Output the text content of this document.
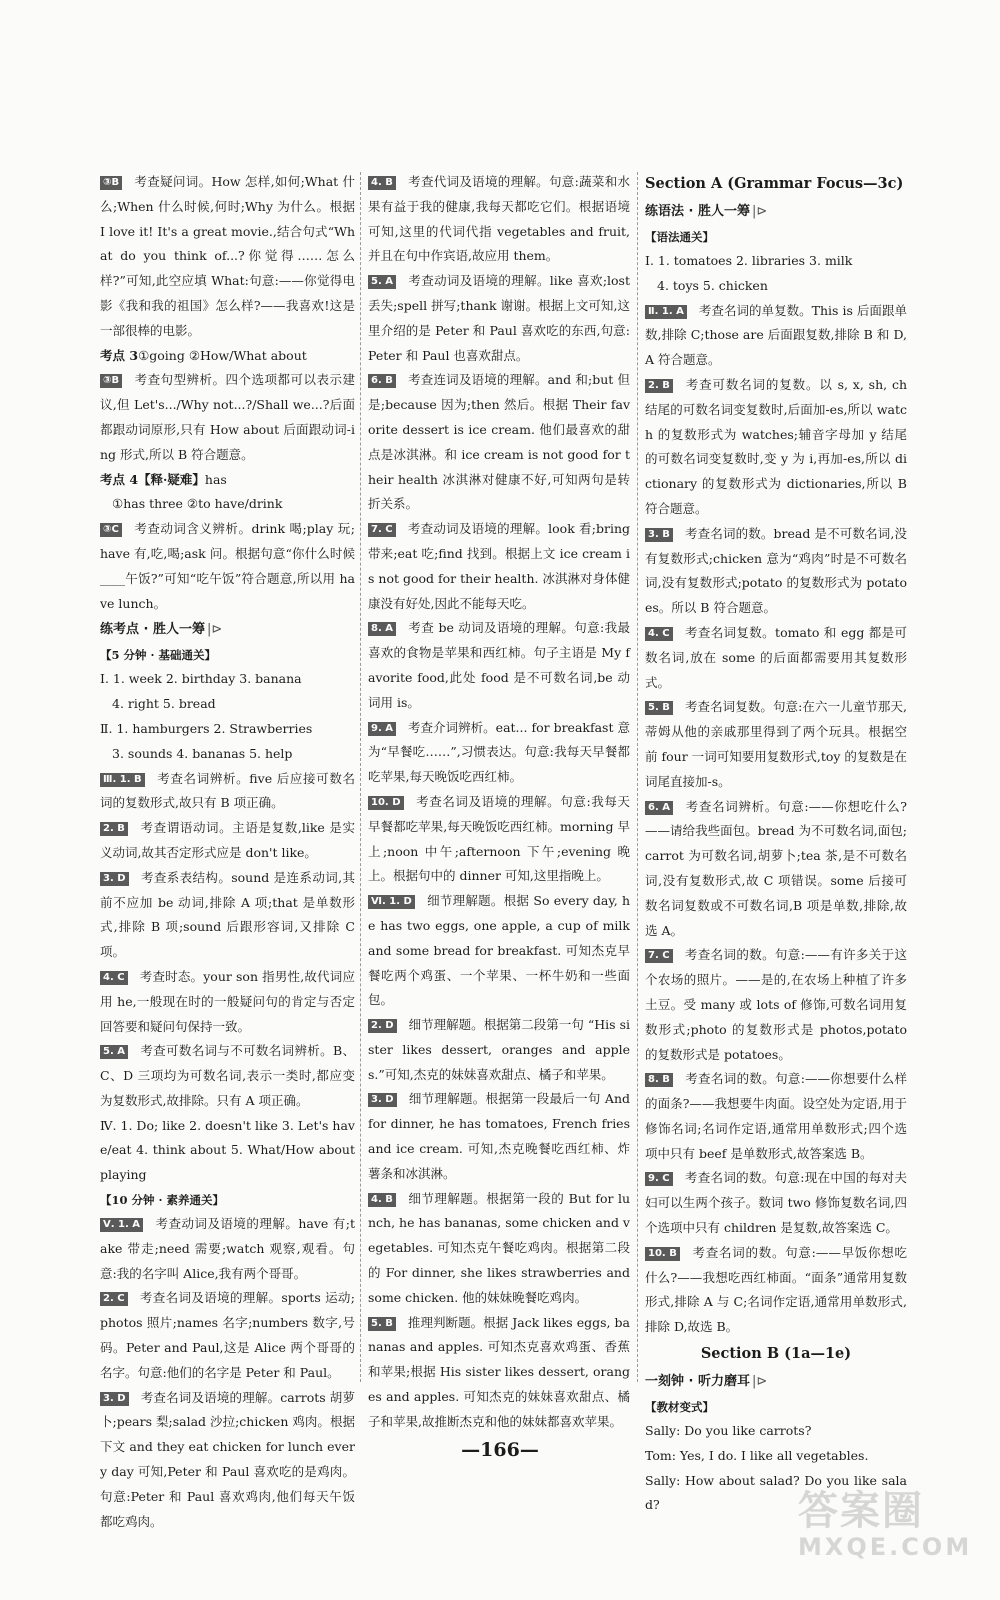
③B 考查疑问词。How 怎样,如何;What 什么;When 什么时候,何时;Why 为什么。根据 I love it! It's a great movie.,结合句式“What do you think of...?你觉得……怎么样?”可知,此空应填 What:句意:——你觉得电影《我和我的祖国》怎么样?——我喜欢!这是一部很棒的电影。

考点 3①going ②How/What about

③B 考查句型辨析。四个选项都可以表示建议,但 Let's.../Why not...?/Shall we...?后面都跟动词原形,只有 How about 后面跟动词-ing 形式,所以 B 符合题意。

考点 4【释·疑难】has

①has three ②to have/drink

③C 考查动词含义辨析。drink 喝;play 玩;have 有,吃,喝;ask 问。根据句意“你什么时候____午饭?”可知“吃午饭”符合题意,所以用 have lunch。

练考点 · 胜人一筹 |⊳
【5 分钟 · 基础通关】

Ⅰ. 1. week 2. birthday 3. banana

4. right 5. bread

Ⅱ. 1. hamburgers 2. Strawberries

3. sounds 4. bananas 5. help

Ⅲ. 1. B 考查名词辨析。five 后应接可数名词的复数形式,故只有 B 项正确。

2. B 考查谓语动词。主语是复数,like 是实义动词,故其否定形式应是 don't like。

3. D 考查系表结构。sound 是连系动词,其前不应加 be 动词,排除 A 项;that 是单数形式,排除 B 项;sound 后跟形容词,又排除 C 项。

4. C 考查时态。your son 指男性,故代词应用 he,一般现在时的一般疑问句的肯定与否定回答要和疑问句保持一致。

5. A 考查可数名词与不可数名词辨析。B、C、D 三项均为可数名词,表示一类时,都应变为复数形式,故排除。只有 A 项正确。

Ⅳ. 1. Do; like 2. doesn't like 3. Let's have/eat 4. think about 5. What/How about playing

【10 分钟 · 素养通关】

Ⅴ. 1. A 考查动词及语境的理解。have 有;take 带走;need 需要;watch 观察,观看。句意:我的名字叫 Alice,我有两个哥哥。

2. C 考查名词及语境的理解。sports 运动;photos 照片;names 名字;numbers 数字,号码。Peter and Paul,这是 Alice 两个哥哥的名字。句意:他们的名字是 Peter 和 Paul。

3. D 考查名词及语境的理解。carrots 胡萝卜;pears 梨;salad 沙拉;chicken 鸡肉。根据下文 and they eat chicken for lunch every day 可知,Peter 和 Paul 喜欢吃的是鸡肉。句意:Peter 和 Paul 喜欢鸡肉,他们每天午饭都吃鸡肉。

4. B 考查代词及语境的理解。句意:蔬菜和水果有益于我的健康,我每天都吃它们。根据语境可知,这里的代词代指 vegetables and fruit,并且在句中作宾语,故应用 them。

5. A 考查动词及语境的理解。like 喜欢;lost 丢失;spell 拼写;thank 谢谢。根据上文可知,这里介绍的是 Peter 和 Paul 喜欢吃的东西,句意:Peter 和 Paul 也喜欢甜点。

6. B 考查连词及语境的理解。and 和;but 但是;because 因为;then 然后。根据 Their favorite dessert is ice cream. 他们最喜欢的甜点是冰淇淋。和 ice cream is not good for their health 冰淇淋对健康不好,可知两句是转折关系。

7. C 考查动词及语境的理解。look 看;bring 带来;eat 吃;find 找到。根据上文 ice cream is not good for their health. 冰淇淋对身体健康没有好处,因此不能每天吃。

8. A 考查 be 动词及语境的理解。句意:我最喜欢的食物是苹果和西红柿。句子主语是 My favorite food,此处 food 是不可数名词,be 动词用 is。

9. A 考查介词辨析。eat... for breakfast 意为“早餐吃……”,习惯表达。句意:我每天早餐都吃苹果,每天晚饭吃西红柿。

10. D 考查名词及语境的理解。句意:我每天早餐都吃苹果,每天晚饭吃西红柿。morning 早上;noon 中午;afternoon 下午;evening 晚上。根据句中的 dinner 可知,这里指晚上。

Ⅵ. 1. D 细节理解题。根据 So every day, he has two eggs, one apple, a cup of milk and some bread for breakfast. 可知杰克早餐吃两个鸡蛋、一个苹果、一杯牛奶和一些面包。

2. D 细节理解题。根据第二段第一句 “His sister likes dessert, oranges and apples.”可知,杰克的妹妹喜欢甜点、橘子和苹果。

3. D 细节理解题。根据第一段最后一句 And for dinner, he has tomatoes, French fries and ice cream. 可知,杰克晚餐吃西红柿、炸薯条和冰淇淋。

4. B 细节理解题。根据第一段的 But for lunch, he has bananas, some chicken and vegetables. 可知杰克午餐吃鸡肉。根据第二段的 For dinner, she likes strawberries and some chicken. 他的妹妹晚餐吃鸡肉。

5. B 推理判断题。根据 Jack likes eggs, bananas and apples. 可知杰克喜欢鸡蛋、香蕉和苹果;根据 His sister likes dessert, oranges and apples. 可知杰克的妹妹喜欢甜点、橘子和苹果,故推断杰克和他的妹妹都喜欢苹果。

Section A (Grammar Focus—3c)
练语法 · 胜人一筹 |⊳
【语法通关】

Ⅰ. 1. tomatoes 2. libraries 3. milk

4. toys 5. chicken

Ⅱ. 1. A 考查名词的单复数。This is 后面跟单数,排除 C;those are 后面跟复数,排除 B 和 D,A 符合题意。

2. B 考查可数名词的复数。以 s, x, sh, ch 结尾的可数名词变复数时,后面加-es,所以 watch 的复数形式为 watches;辅音字母加 y 结尾的可数名词变复数时,变 y 为 i,再加-es,所以 dictionary 的复数形式为 dictionaries,所以 B 符合题意。

3. B 考查名词的数。bread 是不可数名词,没有复数形式;chicken 意为“鸡肉”时是不可数名词,没有复数形式;potato 的复数形式为 potatoes。所以 B 符合题意。

4. C 考查名词复数。tomato 和 egg 都是可数名词,放在 some 的后面都需要用其复数形式。

5. B 考查名词复数。句意:在六一儿童节那天,蒂姆从他的亲戚那里得到了两个玩具。根据空前 four 一词可知要用复数形式,toy 的复数是在词尾直接加-s。

6. A 考查名词辨析。句意:——你想吃什么?——请给我些面包。bread 为不可数名词,面包;carrot 为可数名词,胡萝卜;tea 茶,是不可数名词,没有复数形式,故 C 项错误。some 后接可数名词复数或不可数名词,B 项是单数,排除,故选 A。

7. C 考查名词的数。句意:——有许多关于这个农场的照片。——是的,在农场上种植了许多土豆。受 many 或 lots of 修饰,可数名词用复数形式;photo 的复数形式是 photos,potato 的复数形式是 potatoes。

8. B 考查名词的数。句意:——你想要什么样的面条?——我想要牛肉面。设空处为定语,用于修饰名词;名词作定语,通常用单数形式;四个选项中只有 beef 是单数形式,故答案选 B。

9. C 考查名词的数。句意:现在中国的每对夫妇可以生两个孩子。数词 two 修饰复数名词,四个选项中只有 children 是复数,故答案选 C。

10. B 考查名词的数。句意:——早饭你想吃什么?——我想吃西红柿面。“面条”通常用复数形式,排除 A 与 C;名词作定语,通常用单数形式,排除 D,故选 B。

Section B (1a—1e)
一刻钟 · 听力磨耳 |⊳
【教材变式】

Sally: Do you like carrots?

Tom: Yes, I do. I like all vegetables.

Sally: How about salad? Do you like salad?

—166—
答案圈
MXQE.COM
